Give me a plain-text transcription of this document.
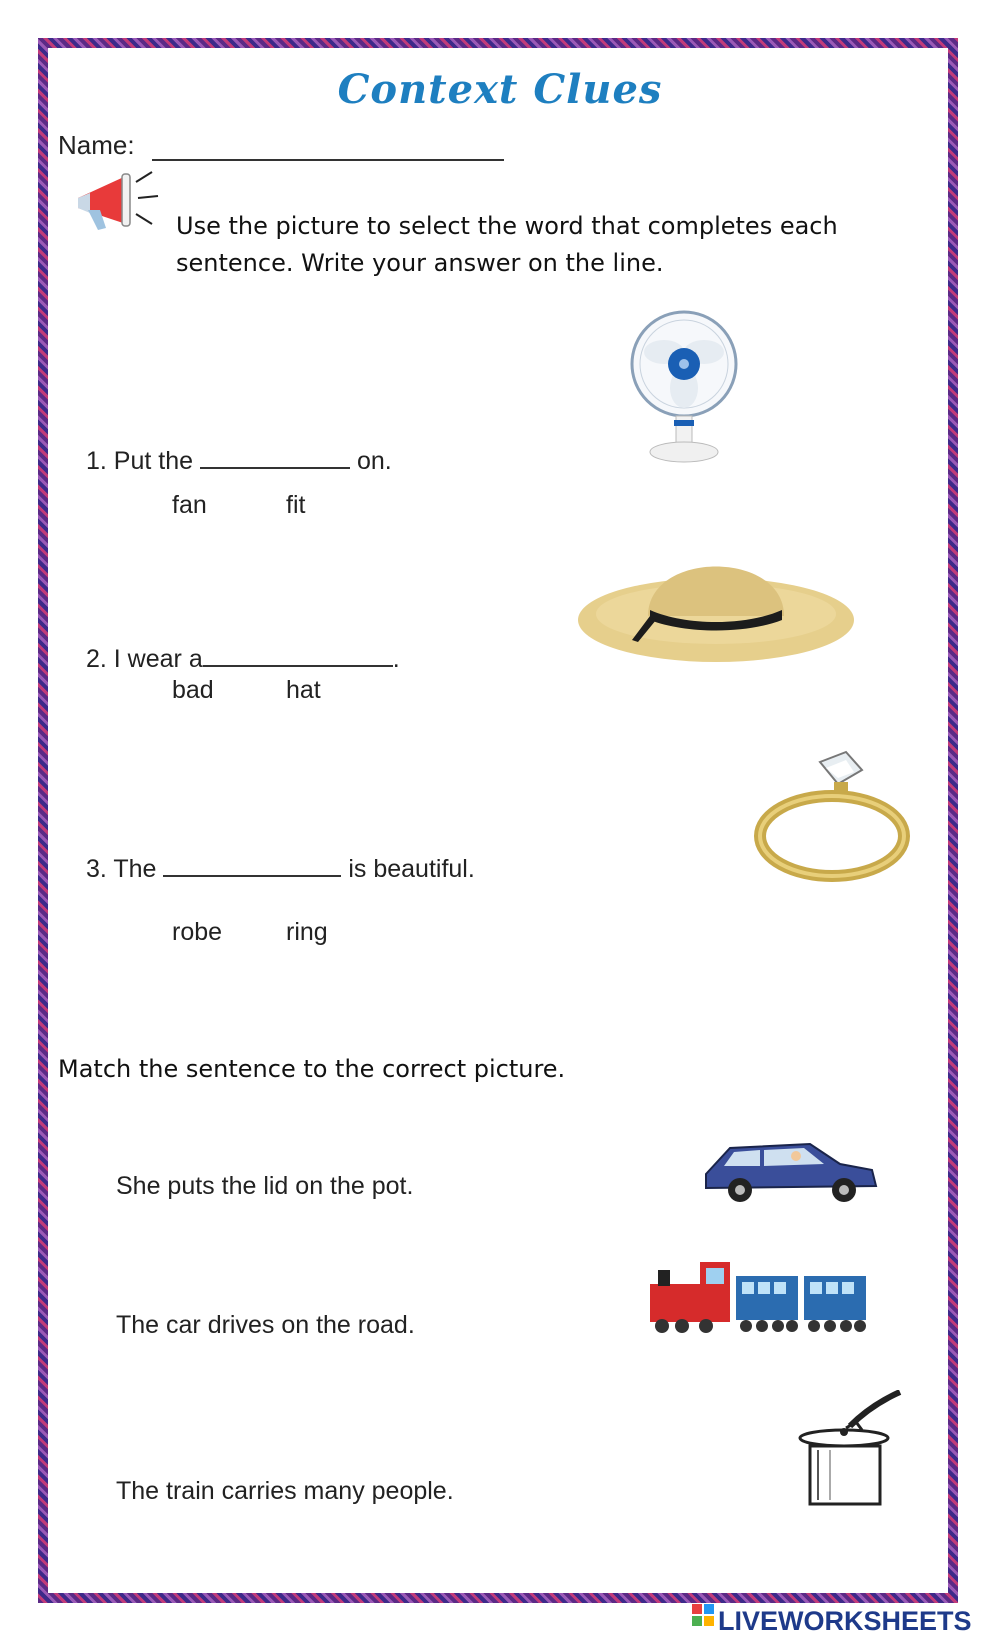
Context Clues
Name:
Use the picture to select the word that completes each sentence. Write your answer on the line.
1. Put the	on.
fan	fit
2. I wear a	.
bad	hat
3. The	is beautiful.
robe	ring
Match the sentence to the correct picture.
She puts the lid on the pot.
The car drives on the road.
The train carries many people.
LIVEWORKSHEETS
